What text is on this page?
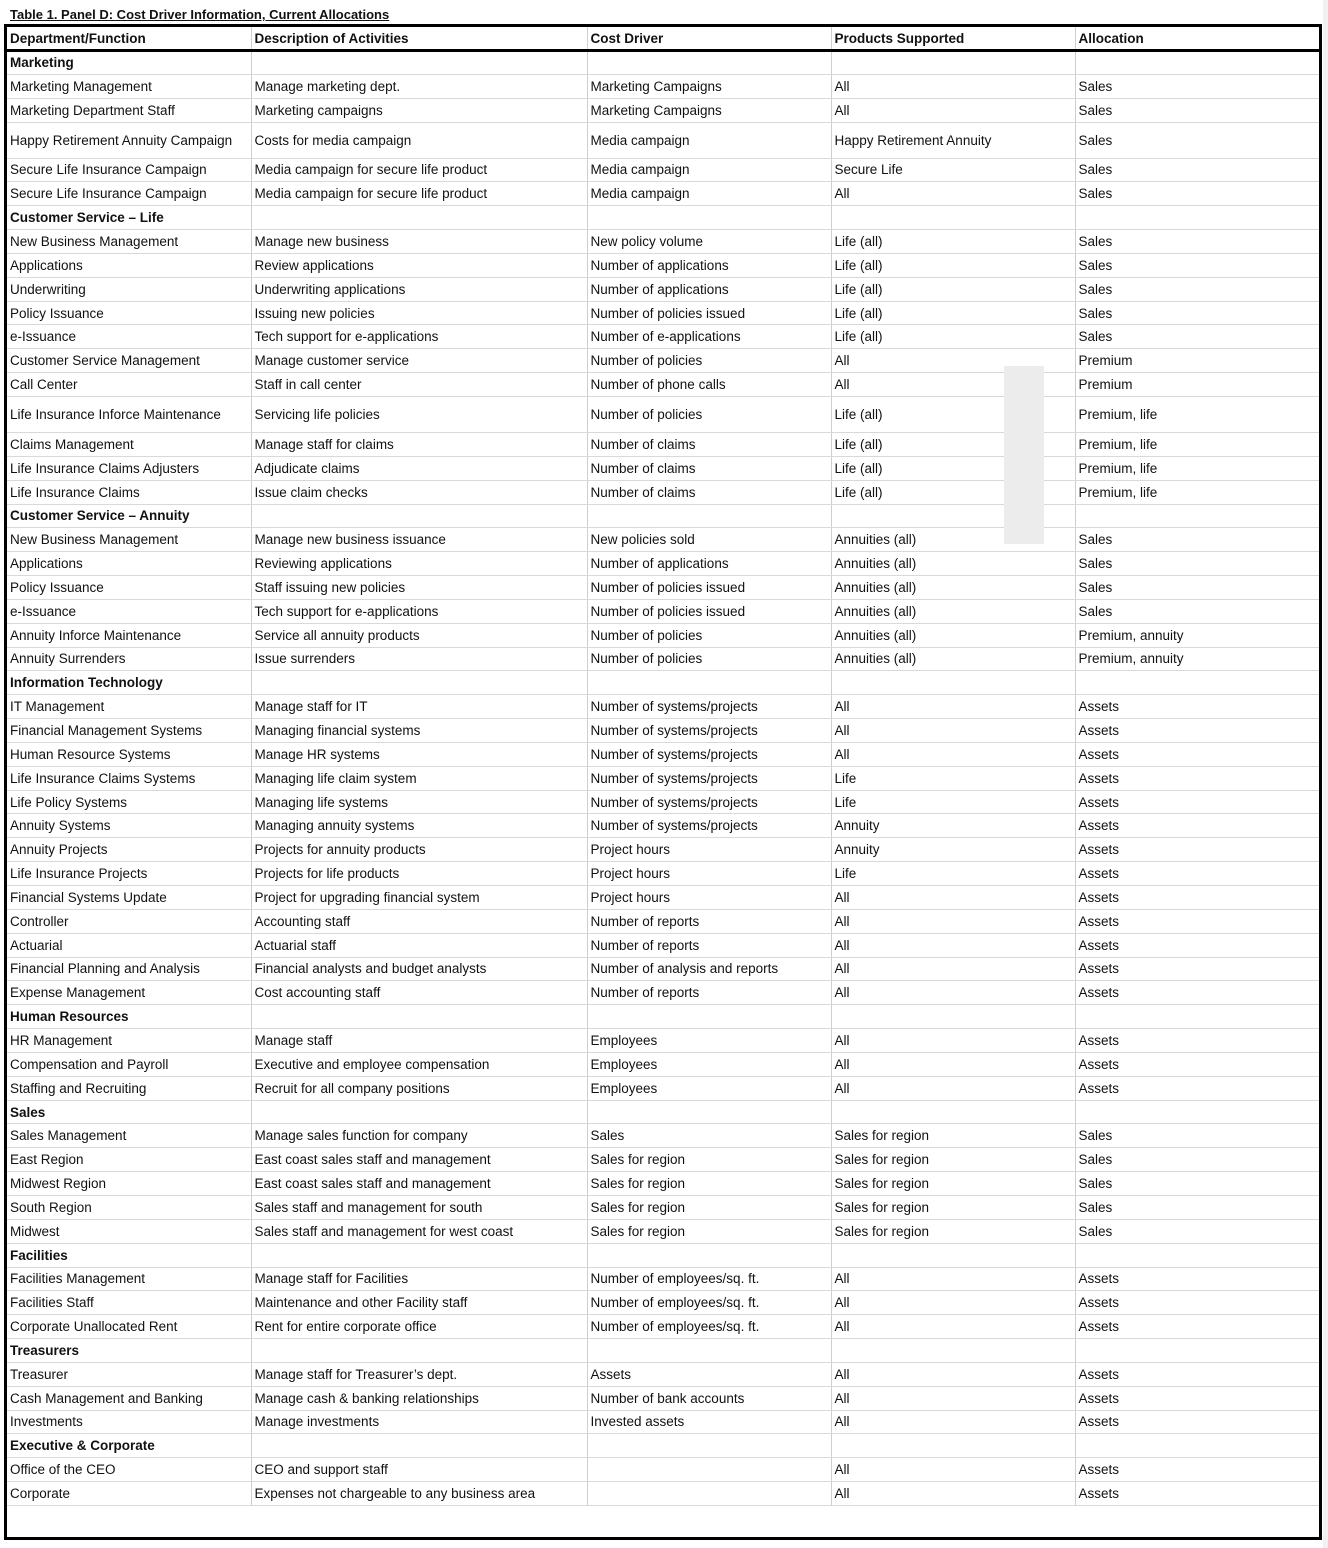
Table 1. Panel D: Cost Driver Information, Current Allocations
Department/Function	Description of Activities	Cost Driver	Products Supported	Allocation
Marketing				
Marketing Management	Manage marketing dept.	Marketing Campaigns	All	Sales
Marketing Department Staff	Marketing campaigns	Marketing Campaigns	All	Sales
Happy Retirement Annuity Campaign	Costs for media campaign	Media campaign	Happy Retirement Annuity	Sales
Secure Life Insurance Campaign	Media campaign for secure life product	Media campaign	Secure Life	Sales
Secure Life Insurance Campaign	Media campaign for secure life product	Media campaign	All	Sales
Customer Service – Life				
New Business Management	Manage new business	New policy volume	Life (all)	Sales
Applications	Review applications	Number of applications	Life (all)	Sales
Underwriting	Underwriting applications	Number of applications	Life (all)	Sales
Policy Issuance	Issuing new policies	Number of policies issued	Life (all)	Sales
e-Issuance	Tech support for e-applications	Number of e-applications	Life (all)	Sales
Customer Service Management	Manage customer service	Number of policies	All	Premium
Call Center	Staff in call center	Number of phone calls	All	Premium
Life Insurance Inforce Maintenance	Servicing life policies	Number of policies	Life (all)	Premium, life
Claims Management	Manage staff for claims	Number of claims	Life (all)	Premium, life
Life Insurance Claims Adjusters	Adjudicate claims	Number of claims	Life (all)	Premium, life
Life Insurance Claims	Issue claim checks	Number of claims	Life (all)	Premium, life
Customer Service – Annuity				
New Business Management	Manage new business issuance	New policies sold	Annuities (all)	Sales
Applications	Reviewing applications	Number of applications	Annuities (all)	Sales
Policy Issuance	Staff issuing new policies	Number of policies issued	Annuities (all)	Sales
e-Issuance	Tech support for e-applications	Number of policies issued	Annuities (all)	Sales
Annuity Inforce Maintenance	Service all annuity products	Number of policies	Annuities (all)	Premium, annuity
Annuity Surrenders	Issue surrenders	Number of policies	Annuities (all)	Premium, annuity
Information Technology				
IT Management	Manage staff for IT	Number of systems/projects	All	Assets
Financial Management Systems	Managing financial systems	Number of systems/projects	All	Assets
Human Resource Systems	Manage HR systems	Number of systems/projects	All	Assets
Life Insurance Claims Systems	Managing life claim system	Number of systems/projects	Life	Assets
Life Policy Systems	Managing life systems	Number of systems/projects	Life	Assets
Annuity Systems	Managing annuity systems	Number of systems/projects	Annuity	Assets
Annuity Projects	Projects for annuity products	Project hours	Annuity	Assets
Life Insurance Projects	Projects for life products	Project hours	Life	Assets
Financial Systems Update	Project for upgrading financial system	Project hours	All	Assets
Controller	Accounting staff	Number of reports	All	Assets
Actuarial	Actuarial staff	Number of reports	All	Assets
Financial Planning and Analysis	Financial analysts and budget analysts	Number of analysis and reports	All	Assets
Expense Management	Cost accounting staff	Number of reports	All	Assets
Human Resources				
HR Management	Manage staff	Employees	All	Assets
Compensation and Payroll	Executive and employee compensation	Employees	All	Assets
Staffing and Recruiting	Recruit for all company positions	Employees	All	Assets
Sales				
Sales Management	Manage sales function for company	Sales	Sales for region	Sales
East Region	East coast sales staff and management	Sales for region	Sales for region	Sales
Midwest Region	East coast sales staff and management	Sales for region	Sales for region	Sales
South Region	Sales staff and management for south	Sales for region	Sales for region	Sales
Midwest	Sales staff and management for west coast	Sales for region	Sales for region	Sales
Facilities				
Facilities Management	Manage staff for Facilities	Number of employees/sq. ft.	All	Assets
Facilities Staff	Maintenance and other Facility staff	Number of employees/sq. ft.	All	Assets
Corporate Unallocated Rent	Rent for entire corporate office	Number of employees/sq. ft.	All	Assets
Treasurers				
Treasurer	Manage staff for Treasurer’s dept.	Assets	All	Assets
Cash Management and Banking	Manage cash & banking relationships	Number of bank accounts	All	Assets
Investments	Manage investments	Invested assets	All	Assets
Executive & Corporate				
Office of the CEO	CEO and support staff		All	Assets
Corporate	Expenses not chargeable to any business area		All	Assets
